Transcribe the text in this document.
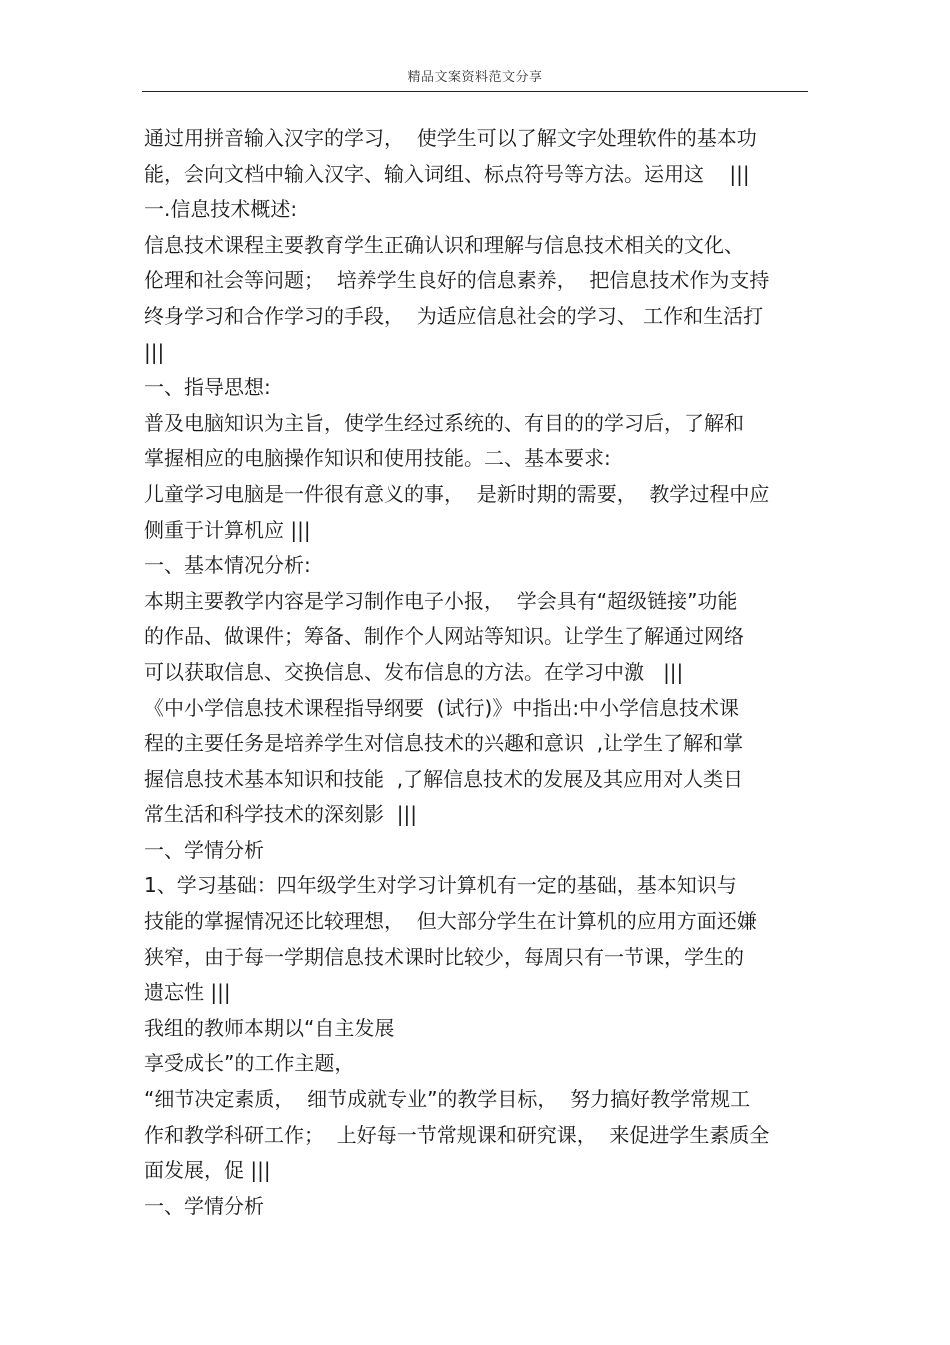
精品文案资料范文分享
通过用拼音输入汉字的学习，  使学生可以了解文字处理软件的基本功
能，会向文档中输入汉字、输入词组、标点符号等方法。运用这    |||
一.信息技术概述:
信息技术课程主要教育学生正确认识和理解与信息技术相关的文化、
伦理和社会等问题；  培养学生良好的信息素养，  把信息技术作为支持
终身学习和合作学习的手段，  为适应信息社会的学习、 工作和生活打
|||
一、指导思想:
普及电脑知识为主旨，使学生经过系统的、有目的的学习后，了解和
掌握相应的电脑操作知识和使用技能。二、基本要求:
儿童学习电脑是一件很有意义的事，  是新时期的需要，  教学过程中应
侧重于计算机应 |||
一、基本情况分析:
本期主要教学内容是学习制作电子小报，  学会具有“超级链接”功能
的作品、做课件；筹备、制作个人网站等知识。让学生了解通过网络
可以获取信息、交换信息、发布信息的方法。在学习中激   |||
《中小学信息技术课程指导纲要  (试行)》中指出:中小学信息技术课
程的主要任务是培养学生对信息技术的兴趣和意识  ,让学生了解和掌
握信息技术基本知识和技能  ,了解信息技术的发展及其应用对人类日
常生活和科学技术的深刻影  |||
一、学情分析
1、学习基础：四年级学生对学习计算机有一定的基础，基本知识与
技能的掌握情况还比较理想，  但大部分学生在计算机的应用方面还嫌
狭窄，由于每一学期信息技术课时比较少，每周只有一节课，学生的
遗忘性 |||
我组的教师本期以“自主发展
享受成长”的工作主题，
“细节决定素质，  细节成就专业”的教学目标，  努力搞好教学常规工
作和教学科研工作；  上好每一节常规课和研究课，  来促进学生素质全
面发展，促 |||
一、学情分析
